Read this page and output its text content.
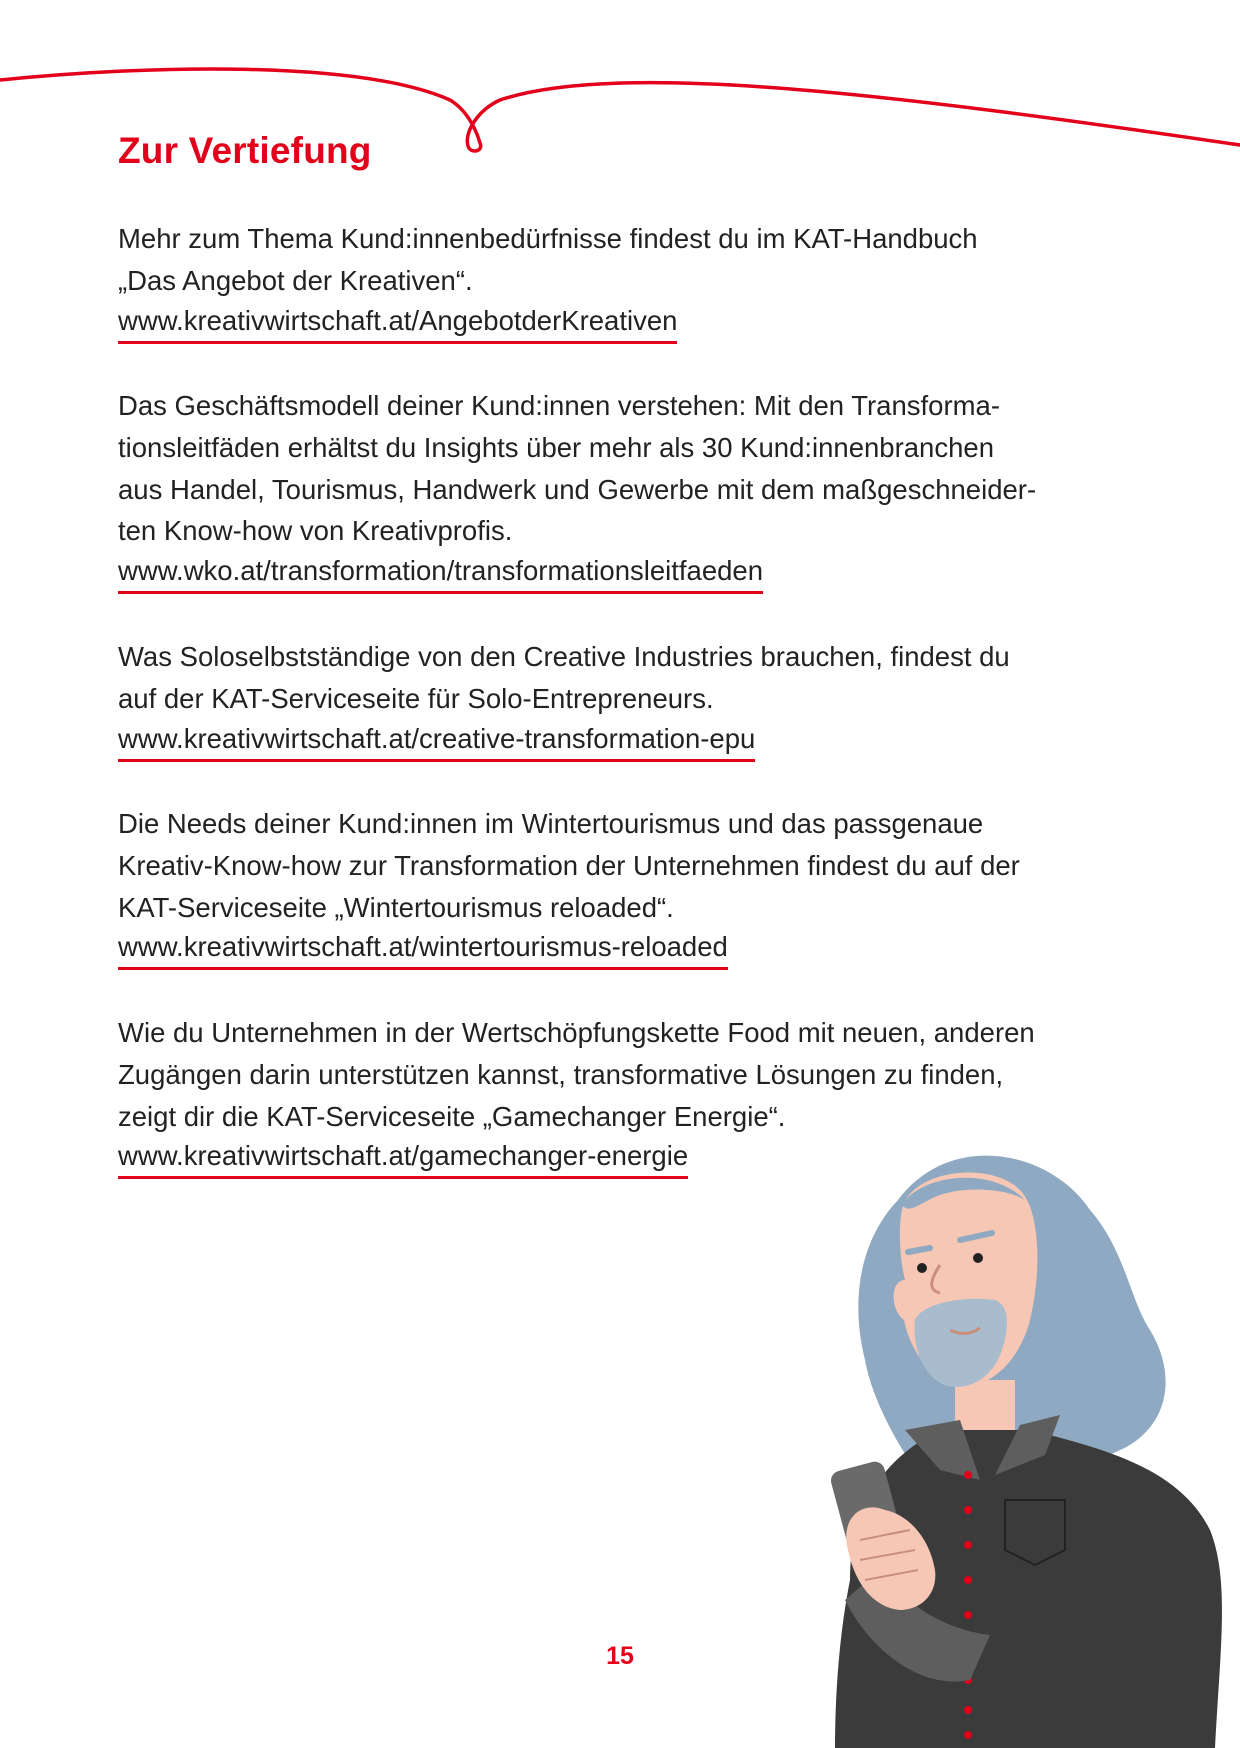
Zur Vertiefung

Mehr zum Thema Kund:innenbedürfnisse findest du im KAT-Handbuch

„Das Angebot der Kreativen“.

www.kreativwirtschaft.at/AngebotderKreativen

Das Geschäftsmodell deiner Kund:innen verstehen: Mit den Transforma-

tionsleitfäden erhältst du Insights über mehr als 30 Kund:innenbranchen

aus Handel, Tourismus, Handwerk und Gewerbe mit dem maßgeschneider-

ten Know-how von Kreativprofis.

www.wko.at/transformation/transformationsleitfaeden

Was Soloselbstständige von den Creative Industries brauchen, findest du

auf der KAT-Serviceseite für Solo-Entrepreneurs.

www.kreativwirtschaft.at/creative-transformation-epu

Die Needs deiner Kund:innen im Wintertourismus und das passgenaue

Kreativ-Know-how zur Transformation der Unternehmen findest du auf der

KAT-Serviceseite „Wintertourismus reloaded“.

www.kreativwirtschaft.at/wintertourismus-reloaded

Wie du Unternehmen in der Wertschöpfungskette Food mit neuen, anderen

Zugängen darin unterstützen kannst, transformative Lösungen zu finden,

zeigt dir die KAT-Serviceseite „Gamechanger Energie“.

www.kreativwirtschaft.at/gamechanger-energie
15
